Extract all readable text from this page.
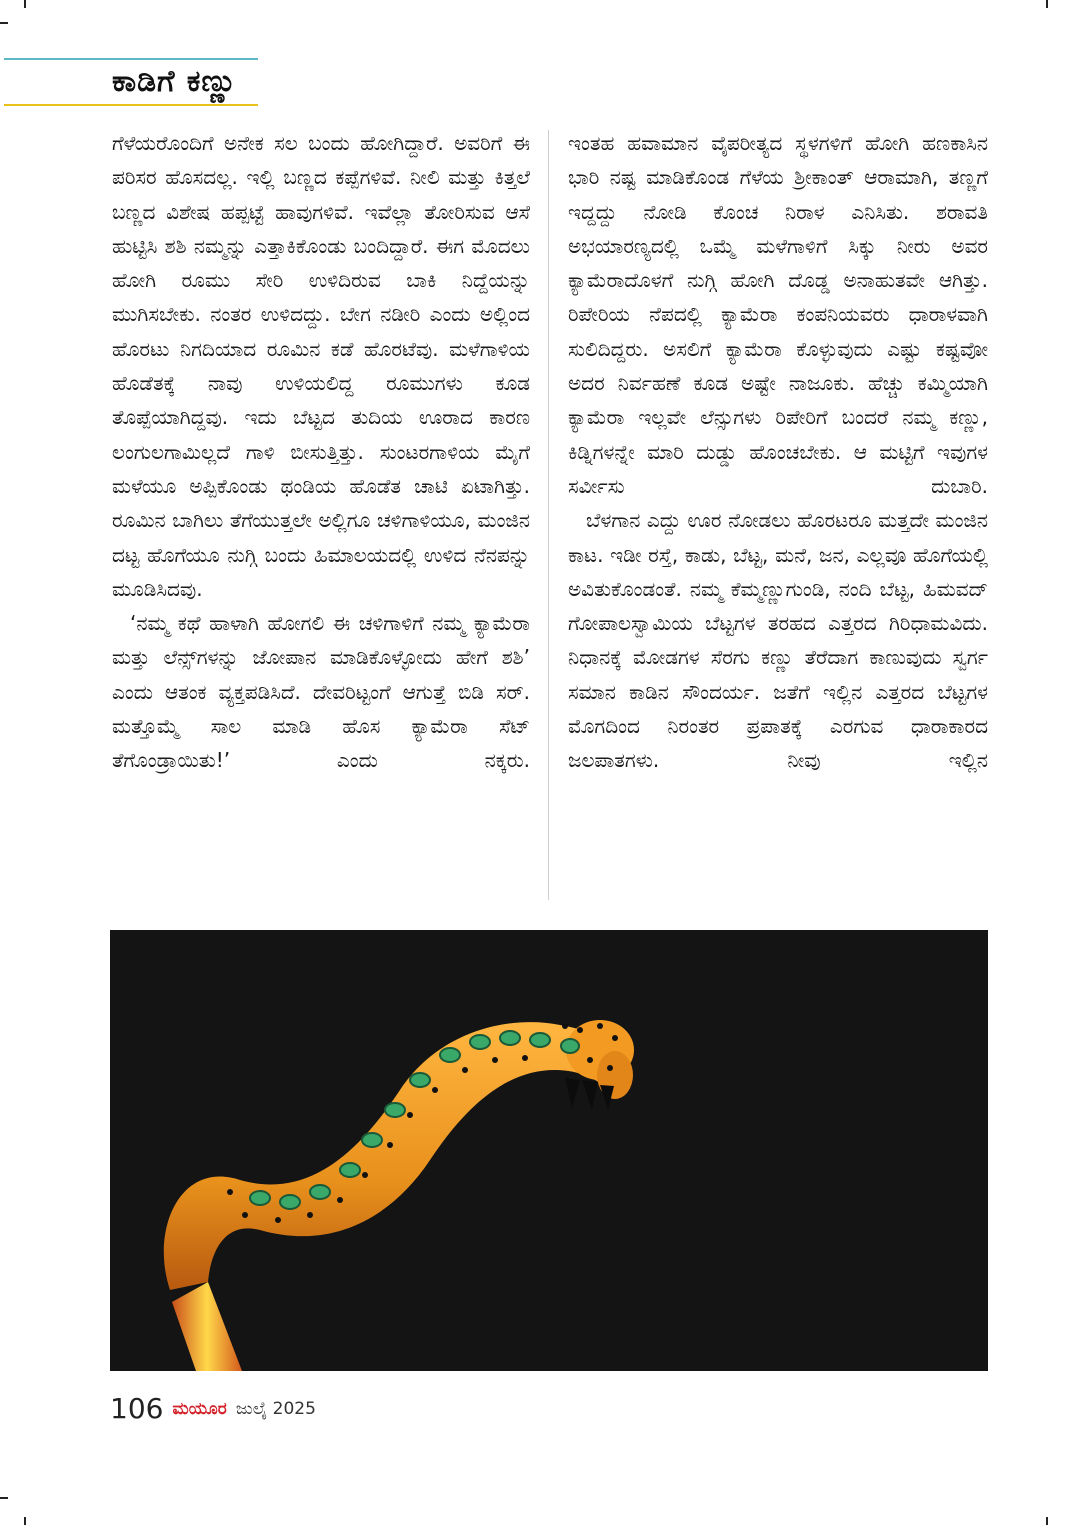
ಕಾಡಿಗೆ ಕಣ್ಣು

ಗೆಳೆಯರೊಂದಿಗೆ ಅನೇಕ ಸಲ ಬಂದು ಹೋಗಿದ್ದಾರೆ. ಅವರಿಗೆ ಈ ಪರಿಸರ ಹೊಸದಲ್ಲ. ಇಲ್ಲಿ ಬಣ್ಣದ ಕಪ್ಪೆಗಳಿವೆ. ನೀಲಿ ಮತ್ತು ಕಿತ್ತಲೆ ಬಣ್ಣದ ವಿಶೇಷ ಹಪ್ಪಟ್ಟೆ ಹಾವುಗಳಿವೆ. ಇವೆಲ್ಲಾ ತೋರಿಸುವ ಆಸೆ ಹುಟ್ಟಿಸಿ ಶಶಿ ನಮ್ಮನ್ನು ಎತ್ತಾಕಿಕೊಂಡು ಬಂದಿದ್ದಾರೆ. ಈಗ ಮೊದಲು ಹೋಗಿ ರೂಮು ಸೇರಿ ಉಳಿದಿರುವ ಬಾಕಿ ನಿದ್ದೆಯನ್ನು ಮುಗಿಸಬೇಕು. ನಂತರ ಉಳಿದದ್ದು. ಬೇಗ ನಡೀರಿ ಎಂದು ಅಲ್ಲಿಂದ ಹೊರಟು ನಿಗದಿಯಾದ ರೂಮಿನ ಕಡೆ ಹೊರಟೆವು. ಮಳೆಗಾಳಿಯ ಹೊಡೆತಕ್ಕೆ ನಾವು ಉಳಿಯಲಿದ್ದ ರೂಮುಗಳು ಕೂಡ ತೊಪ್ಪೆಯಾಗಿದ್ದವು. ಇದು ಬೆಟ್ಟದ ತುದಿಯ ಊರಾದ ಕಾರಣ ಲಂಗುಲಗಾಮಿಲ್ಲದೆ ಗಾಳಿ ಬೀಸುತ್ತಿತ್ತು. ಸುಂಟರಗಾಳಿಯ ಮೈಗೆ ಮಳೆಯೂ ಅಪ್ಪಿಕೊಂಡು ಥಂಡಿಯ ಹೊಡೆತ ಚಾಟಿ ಏಟಾಗಿತ್ತು. ರೂಮಿನ ಬಾಗಿಲು ತೆಗೆಯುತ್ತಲೇ ಅಲ್ಲಿಗೂ ಚಳಿಗಾಳಿಯೂ, ಮಂಜಿನ ದಟ್ಟ ಹೊಗೆಯೂ ನುಗ್ಗಿ ಬಂದು ಹಿಮಾಲಯದಲ್ಲಿ ಉಳಿದ ನೆನಪನ್ನು ಮೂಡಿಸಿದವು.

‘ನಮ್ಮ ಕಥೆ ಹಾಳಾಗಿ ಹೋಗಲಿ ಈ ಚಳಿಗಾಳಿಗೆ ನಮ್ಮ ಕ್ಯಾಮೆರಾ ಮತ್ತು ಲೆನ್ಸ್‌ಗಳನ್ನು ಜೋಪಾನ ಮಾಡಿಕೊಳ್ಳೋದು ಹೇಗೆ ಶಶಿ’ ಎಂದು ಆತಂಕ ವ್ಯಕ್ತಪಡಿಸಿದೆ. ದೇವರಿಟ್ಟಂಗೆ ಆಗುತ್ತೆ ಬಿಡಿ ಸರ್. ಮತ್ತೊಮ್ಮೆ ಸಾಲ ಮಾಡಿ ಹೊಸ ಕ್ಯಾಮೆರಾ ಸೆಟ್ ತೆಗೊಂಡ್ರಾಯಿತು!’ ಎಂದು ನಕ್ಕರು.

ಇಂತಹ ಹವಾಮಾನ ವೈಪರೀತ್ಯದ ಸ್ಥಳಗಳಿಗೆ ಹೋಗಿ ಹಣಕಾಸಿನ ಭಾರಿ ನಷ್ಟ ಮಾಡಿಕೊಂಡ ಗೆಳೆಯ ಶ್ರೀಕಾಂತ್ ಆರಾಮಾಗಿ, ತಣ್ಣಗೆ ಇದ್ದದ್ದು ನೋಡಿ ಕೊಂಚ ನಿರಾಳ ಎನಿಸಿತು. ಶರಾವತಿ ಅಭಯಾರಣ್ಯದಲ್ಲಿ ಒಮ್ಮೆ ಮಳೆಗಾಳಿಗೆ ಸಿಕ್ಕು ನೀರು ಅವರ ಕ್ಯಾಮೆರಾದೊಳಗೆ ನುಗ್ಗಿ ಹೋಗಿ ದೊಡ್ಡ ಅನಾಹುತವೇ ಆಗಿತ್ತು. ರಿಪೇರಿಯ ನೆಪದಲ್ಲಿ ಕ್ಯಾಮೆರಾ ಕಂಪನಿಯವರು ಧಾರಾಳವಾಗಿ ಸುಲಿದಿದ್ದರು. ಅಸಲಿಗೆ ಕ್ಯಾಮೆರಾ ಕೊಳ್ಳುವುದು ಎಷ್ಟು ಕಷ್ಟವೋ ಅದರ ನಿರ್ವಹಣೆ ಕೂಡ ಅಷ್ಟೇ ನಾಜೂಕು. ಹೆಚ್ಚು ಕಮ್ಮಿಯಾಗಿ ಕ್ಯಾಮೆರಾ ಇಲ್ಲವೇ ಲೆನ್ಸುಗಳು ರಿಪೇರಿಗೆ ಬಂದರೆ ನಮ್ಮ ಕಣ್ಣು, ಕಿಡ್ನಿಗಳನ್ನೇ ಮಾರಿ ದುಡ್ಡು ಹೊಂಚಬೇಕು. ಆ ಮಟ್ಟಿಗೆ ಇವುಗಳ ಸರ್ವೀಸು ದುಬಾರಿ.

ಬೆಳಗಾನ ಎದ್ದು ಊರ ನೋಡಲು ಹೊರಟರೂ ಮತ್ತದೇ ಮಂಜಿನ ಕಾಟ. ಇಡೀ ರಸ್ತೆ, ಕಾಡು, ಬೆಟ್ಟ, ಮನೆ, ಜನ, ಎಲ್ಲವೂ ಹೊಗೆಯಲ್ಲಿ ಅವಿತುಕೊಂಡಂತೆ. ನಮ್ಮ ಕೆಮ್ಮಣ್ಣುಗುಂಡಿ, ನಂದಿ ಬೆಟ್ಟ, ಹಿಮವದ್ ಗೋಪಾಲಸ್ವಾಮಿಯ ಬೆಟ್ಟಗಳ ತರಹದ ಎತ್ತರದ ಗಿರಿಧಾಮವಿದು. ನಿಧಾನಕ್ಕೆ ಮೋಡಗಳ ಸೆರಗು ಕಣ್ಣು ತೆರೆದಾಗ ಕಾಣುವುದು ಸ್ವರ್ಗ ಸಮಾನ ಕಾಡಿನ ಸೌಂದರ್ಯ. ಜತೆಗೆ ಇಲ್ಲಿನ ಎತ್ತರದ ಬೆಟ್ಟಗಳ ಮೊಗದಿಂದ ನಿರಂತರ ಪ್ರಪಾತಕ್ಕೆ ಎರಗುವ ಧಾರಾಕಾರದ ಜಲಪಾತಗಳು. ನೀವು ಇಲ್ಲಿನ

106 ಮಯೂರ ಜುಲೈ 2025
